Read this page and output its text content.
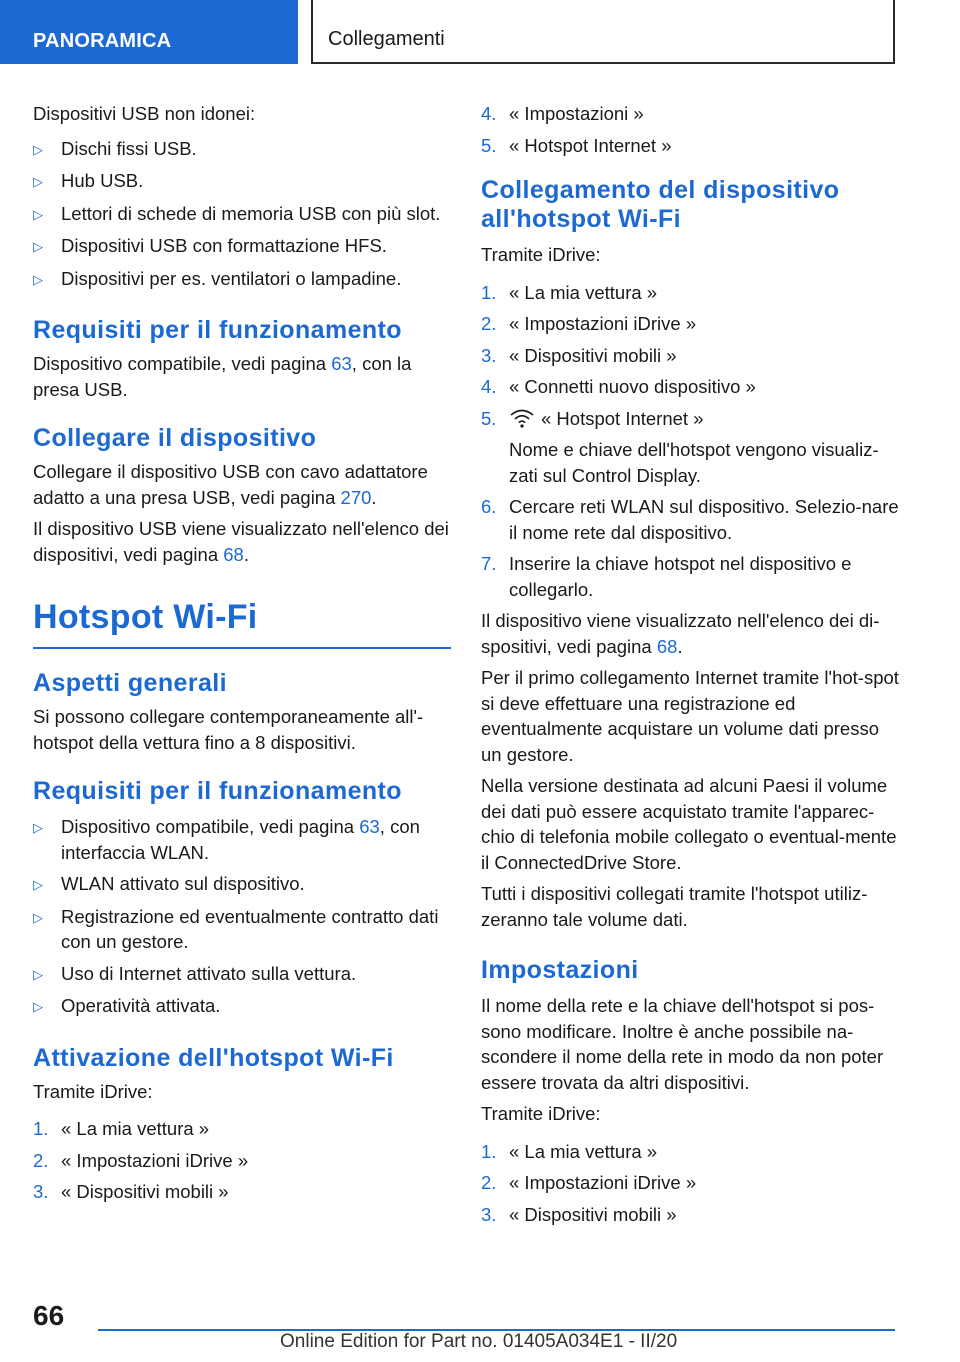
PANORAMICA	Collegamenti

Dispositivi USB non idonei:

▷ Dischi fissi USB.
▷ Hub USB.
▷ Lettori di schede di memoria USB con più slot.
▷ Dispositivi USB con formattazione HFS.
▷ Dispositivi per es. ventilatori o lampadine.
Requisiti per il funzionamento

Dispositivo compatibile, vedi pagina 63, con la presa USB.

Collegare il dispositivo

Collegare il dispositivo USB con cavo adattatore adatto a una presa USB, vedi pagina 270.

Il dispositivo USB viene visualizzato nell'elenco dei dispositivi, vedi pagina 68.

Hotspot Wi-Fi
Aspetti generali

Si possono collegare contemporaneamente all'-hotspot della vettura fino a 8 dispositivi.

Requisiti per il funzionamento
▷ Dispositivo compatibile, vedi pagina 63, con interfaccia WLAN.
▷ WLAN attivato sul dispositivo.
▷ Registrazione ed eventualmente contratto dati con un gestore.
▷ Uso di Internet attivato sulla vettura.
▷ Operatività attivata.
Attivazione dell'hotspot Wi-Fi

Tramite iDrive:

1. « La mia vettura »
2. « Impostazioni iDrive »
3. « Dispositivi mobili »
4. « Impostazioni »
5. « Hotspot Internet »
Collegamento del dispositivo all'hotspot Wi-Fi

Tramite iDrive:

1. « La mia vettura »
2. « Impostazioni iDrive »
3. « Dispositivi mobili »
4. « Connetti nuovo dispositivo »
5.	« Hotspot Internet »
Nome e chiave dell'hotspot vengono visualiz-zati sul Control Display.
6. Cercare reti WLAN sul dispositivo. Selezio-nare il nome rete dal dispositivo.
7. Inserire la chiave hotspot nel dispositivo e collegarlo.

Il dispositivo viene visualizzato nell'elenco dei di-spositivi, vedi pagina 68.

Per il primo collegamento Internet tramite l'hot-spot si deve effettuare una registrazione ed eventualmente acquistare un volume dati presso un gestore.

Nella versione destinata ad alcuni Paesi il volume dei dati può essere acquistato tramite l'apparec-chio di telefonia mobile collegato o eventual-mente il ConnectedDrive Store.

Tutti i dispositivi collegati tramite l'hotspot utiliz-zeranno tale volume dati.

Impostazioni

Il nome della rete e la chiave dell'hotspot si pos-sono modificare. Inoltre è anche possibile na-scondere il nome della rete in modo da non poter essere trovata da altri dispositivi.

Tramite iDrive:

1. « La mia vettura »
2. « Impostazioni iDrive »
3. « Dispositivi mobili »
66
Online Edition for Part no. 01405A034E1 - II/20
